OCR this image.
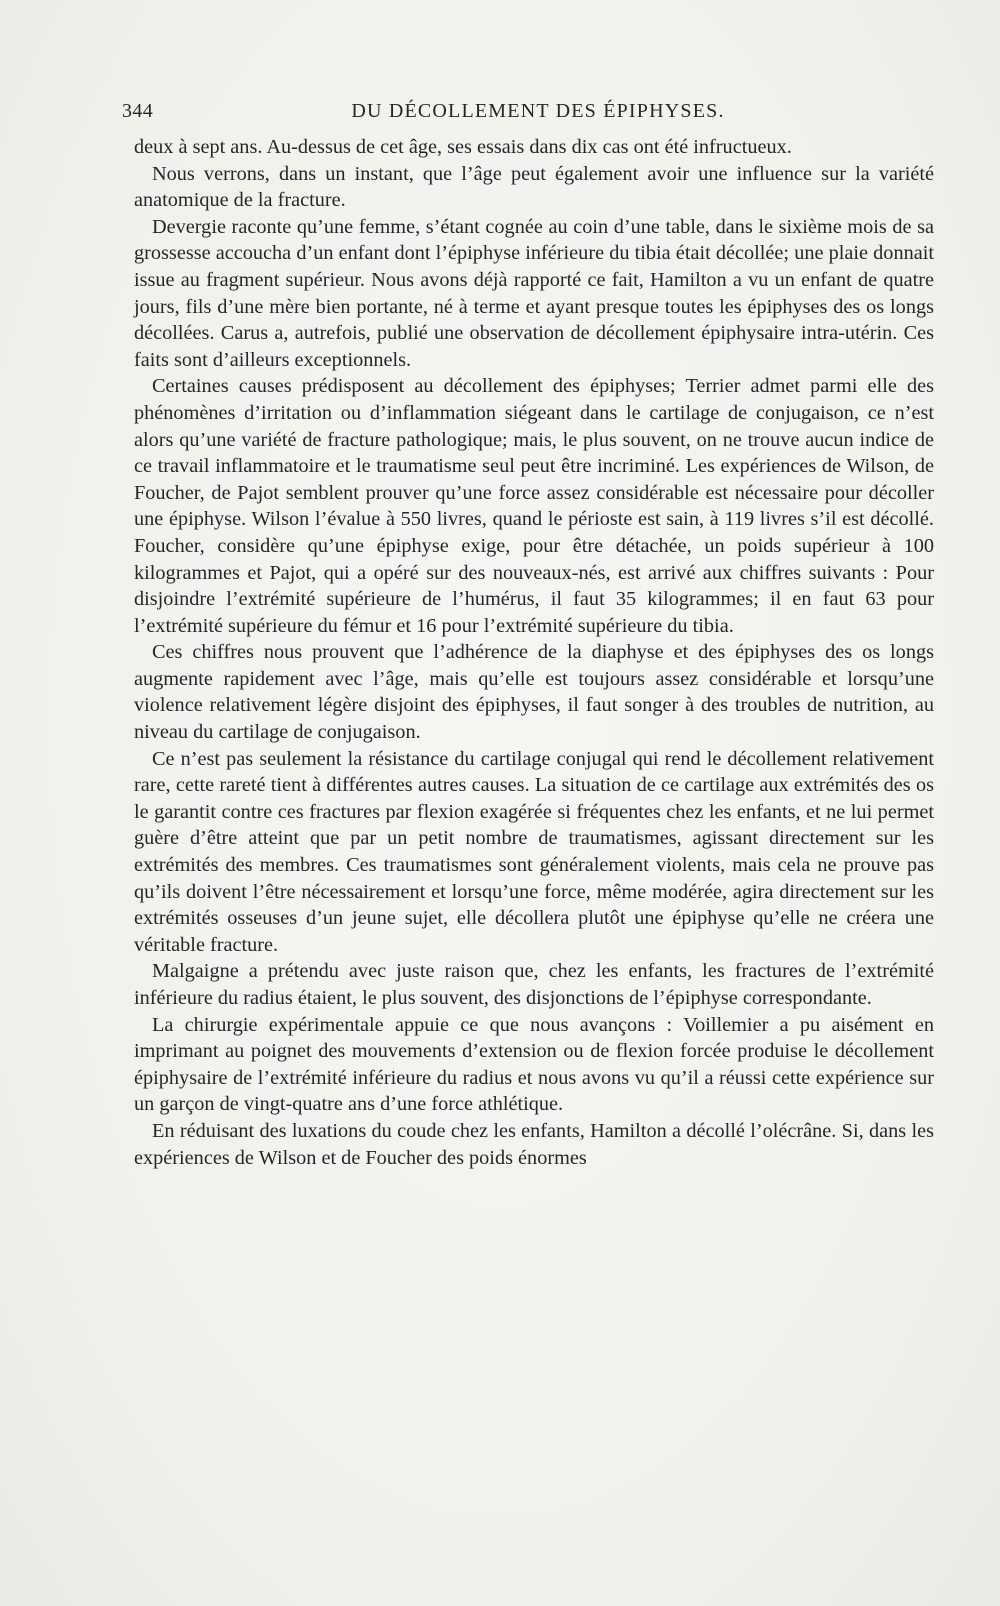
344	DU DÉCOLLEMENT DES ÉPIPHYSES.

deux à sept ans. Au-dessus de cet âge, ses essais dans dix cas ont été infructueux.

Nous verrons, dans un instant, que l’âge peut également avoir une influence sur la variété anatomique de la fracture.

Devergie raconte qu’une femme, s’étant cognée au coin d’une table, dans le sixième mois de sa grossesse accoucha d’un enfant dont l’épiphyse inférieure du tibia était décollée; une plaie donnait issue au fragment supérieur. Nous avons déjà rapporté ce fait, Hamilton a vu un enfant de quatre jours, fils d’une mère bien portante, né à terme et ayant presque toutes les épiphyses des os longs décollées. Carus a, autrefois, publié une observation de décollement épiphysaire intra-utérin. Ces faits sont d’ailleurs exceptionnels.

Certaines causes prédisposent au décollement des épiphyses; Terrier admet parmi elle des phénomènes d’irritation ou d’inflammation siégeant dans le cartilage de conjugaison, ce n’est alors qu’une variété de fracture pathologique; mais, le plus souvent, on ne trouve aucun indice de ce travail inflammatoire et le traumatisme seul peut être incriminé. Les expériences de Wilson, de Foucher, de Pajot semblent prouver qu’une force assez considérable est nécessaire pour décoller une épiphyse. Wilson l’évalue à 550 livres, quand le périoste est sain, à 119 livres s’il est décollé. Foucher, considère qu’une épiphyse exige, pour être détachée, un poids supérieur à 100 kilogrammes et Pajot, qui a opéré sur des nouveaux-nés, est arrivé aux chiffres suivants : Pour disjoindre l’extrémité supérieure de l’humérus, il faut 35 kilogrammes; il en faut 63 pour l’extrémité supérieure du fémur et 16 pour l’extrémité supérieure du tibia.

Ces chiffres nous prouvent que l’adhérence de la diaphyse et des épiphyses des os longs augmente rapidement avec l’âge, mais qu’elle est toujours assez considérable et lorsqu’une violence relativement légère disjoint des épiphyses, il faut songer à des troubles de nutrition, au niveau du cartilage de conjugaison.

Ce n’est pas seulement la résistance du cartilage conjugal qui rend le décollement relativement rare, cette rareté tient à différentes autres causes. La situation de ce cartilage aux extrémités des os le garantit contre ces fractures par flexion exagérée si fréquentes chez les enfants, et ne lui permet guère d’être atteint que par un petit nombre de traumatismes, agissant directement sur les extrémités des membres. Ces traumatismes sont généralement violents, mais cela ne prouve pas qu’ils doivent l’être nécessairement et lorsqu’une force, même modérée, agira directement sur les extrémités osseuses d’un jeune sujet, elle décollera plutôt une épiphyse qu’elle ne créera une véritable fracture.

Malgaigne a prétendu avec juste raison que, chez les enfants, les fractures de l’extrémité inférieure du radius étaient, le plus souvent, des disjonctions de l’épiphyse correspondante.

La chirurgie expérimentale appuie ce que nous avançons : Voillemier a pu aisément en imprimant au poignet des mouvements d’extension ou de flexion forcée produise le décollement épiphysaire de l’extrémité inférieure du radius et nous avons vu qu’il a réussi cette expérience sur un garçon de vingt-quatre ans d’une force athlétique.

En réduisant des luxations du coude chez les enfants, Hamilton a décollé l’olécrâne. Si, dans les expériences de Wilson et de Foucher des poids énormes
